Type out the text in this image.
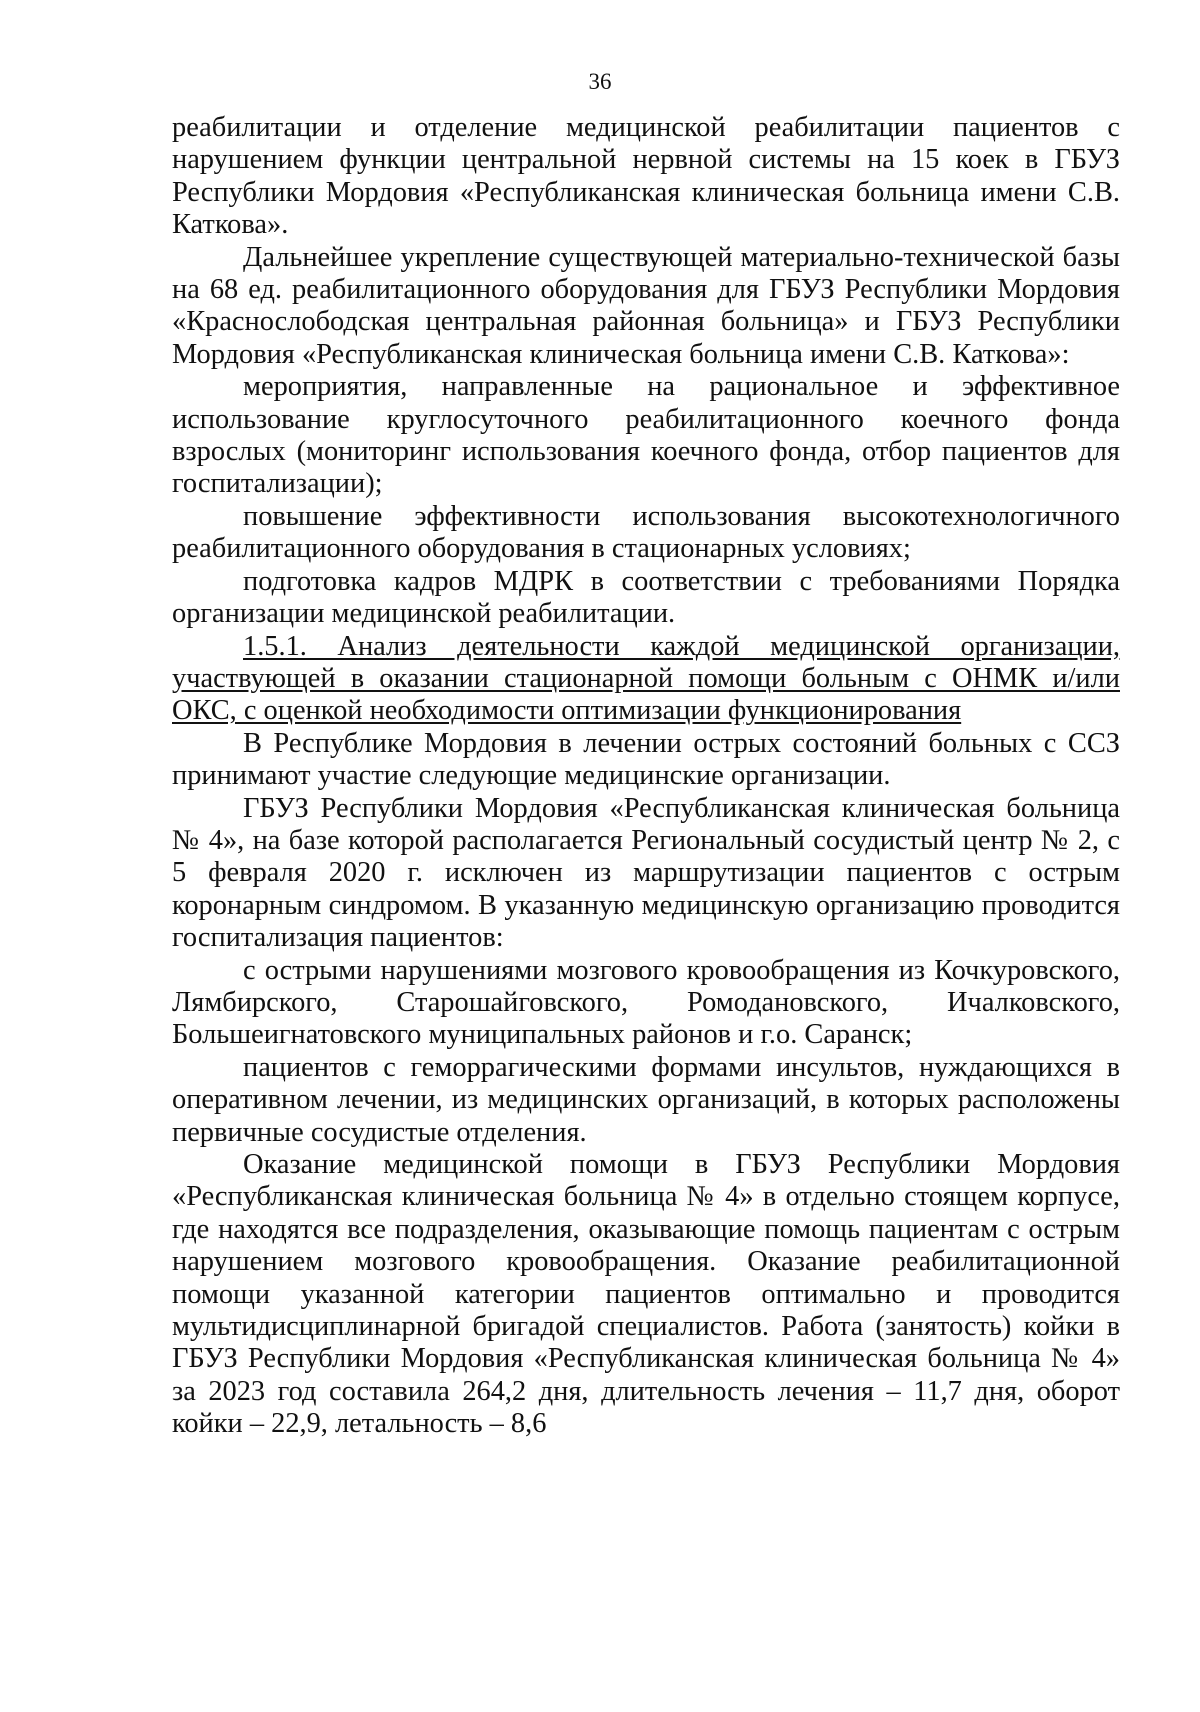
36

реабилитации и отделение медицинской реабилитации пациентов с нарушением функции центральной нервной системы на 15 коек в ГБУЗ Республики Мордовия «Республиканская клиническая больница имени С.В. Каткова».

Дальнейшее укрепление существующей материально-технической базы на 68 ед. реабилитационного оборудования для ГБУЗ Республики Мордовия «Краснослободская центральная районная больница» и ГБУЗ Республики Мордовия «Республиканская клиническая больница имени С.В. Каткова»:

мероприятия, направленные на рациональное и эффективное использование круглосуточного реабилитационного коечного фонда взрослых (мониторинг использования коечного фонда, отбор пациентов для госпитализации);

повышение эффективности использования высокотехнологичного реабилитационного оборудования в стационарных условиях;

подготовка кадров МДРК в соответствии с требованиями Порядка организации медицинской реабилитации.

1.5.1. Анализ деятельности каждой медицинской организации, участвующей в оказании стационарной помощи больным с ОНМК и/или ОКС, с оценкой необходимости оптимизации функционирования

В Республике Мордовия в лечении острых состояний больных с ССЗ принимают участие следующие медицинские организации.

ГБУЗ Республики Мордовия «Республиканская клиническая больница № 4», на базе которой располагается Региональный сосудистый центр № 2, с 5 февраля 2020 г. исключен из маршрутизации пациентов с острым коронарным синдромом. В указанную медицинскую организацию проводится госпитализация пациентов:

с острыми нарушениями мозгового кровообращения из Кочкуровского, Лямбирского, Старошайговского, Ромодановского, Ичалковского, Большеигнатовского муниципальных районов и г.о. Саранск;

пациентов с геморрагическими формами инсультов, нуждающихся в оперативном лечении, из медицинских организаций, в которых расположены первичные сосудистые отделения.

Оказание медицинской помощи в ГБУЗ Республики Мордовия «Республиканская клиническая больница № 4» в отдельно стоящем корпусе, где находятся все подразделения, оказывающие помощь пациентам с острым нарушением мозгового кровообращения. Оказание реабилитационной помощи указанной категории пациентов оптимально и проводится мультидисциплинарной бригадой специалистов. Работа (занятость) койки в ГБУЗ Республики Мордовия «Республиканская клиническая больница № 4» за 2023 год составила 264,2 дня, длительность лечения – 11,7 дня, оборот койки – 22,9, летальность – 8,6
